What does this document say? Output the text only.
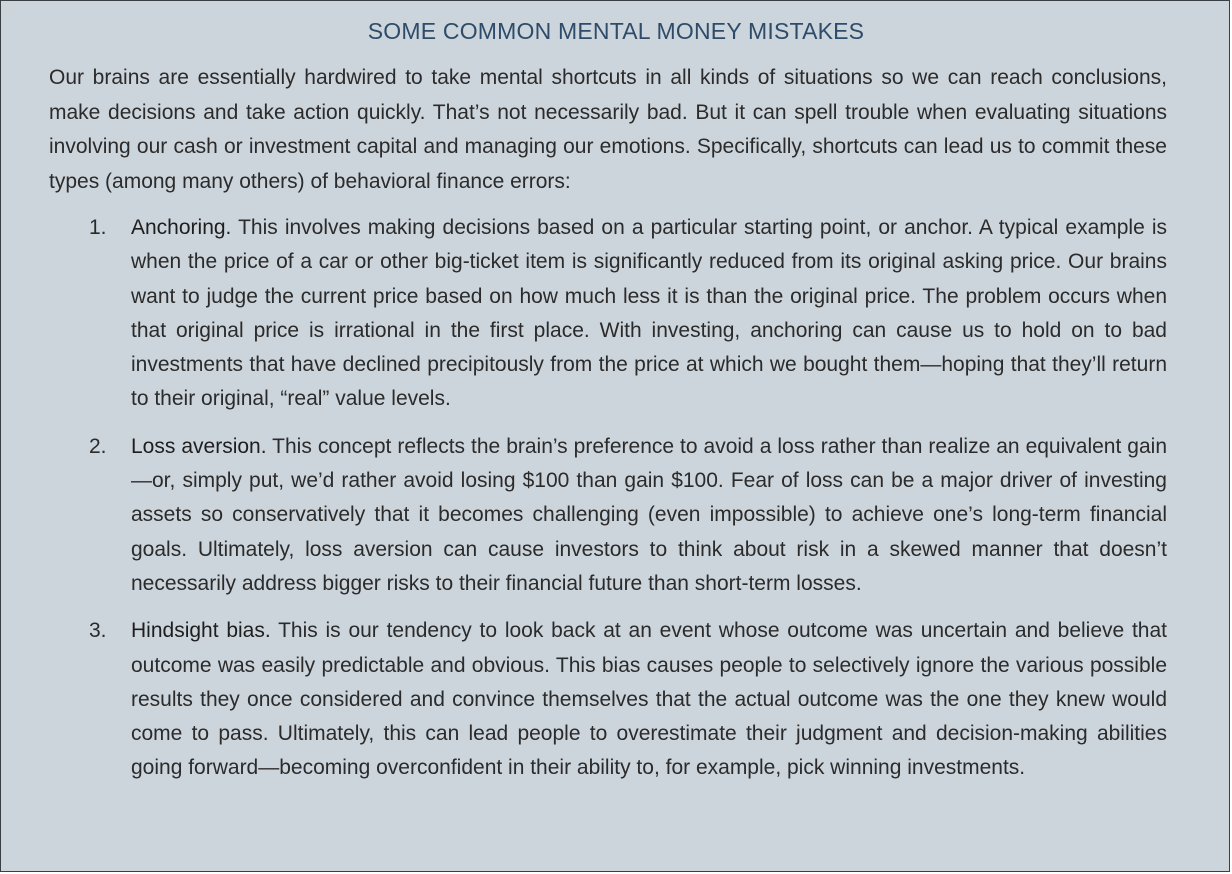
SOME COMMON MENTAL MONEY MISTAKES
Our brains are essentially hardwired to take mental shortcuts in all kinds of situations so we can reach conclusions, make decisions and take action quickly. That’s not necessarily bad. But it can spell trouble when evaluating situations involving our cash or investment capital and managing our emotions. Specifically, shortcuts can lead us to commit these types (among many others) of behavioral finance errors:
1. Anchoring. This involves making decisions based on a particular starting point, or anchor. A typical example is when the price of a car or other big-ticket item is significantly reduced from its original asking price. Our brains want to judge the current price based on how much less it is than the original price. The problem occurs when that original price is irrational in the first place. With investing, anchoring can cause us to hold on to bad investments that have declined precipitously from the price at which we bought them—hoping that they’ll return to their original, “real” value levels.
2. Loss aversion. This concept reflects the brain’s preference to avoid a loss rather than realize an equivalent gain—or, simply put, we’d rather avoid losing $100 than gain $100. Fear of loss can be a major driver of investing assets so conservatively that it becomes challenging (even impossible) to achieve one’s long-term financial goals. Ultimately, loss aversion can cause investors to think about risk in a skewed manner that doesn’t necessarily address bigger risks to their financial future than short-term losses.
3. Hindsight bias. This is our tendency to look back at an event whose outcome was uncertain and believe that outcome was easily predictable and obvious. This bias causes people to selectively ignore the various possible results they once considered and convince themselves that the actual outcome was the one they knew would come to pass. Ultimately, this can lead people to overestimate their judgment and decision-making abilities going forward—becoming overconfident in their ability to, for example, pick winning investments.
